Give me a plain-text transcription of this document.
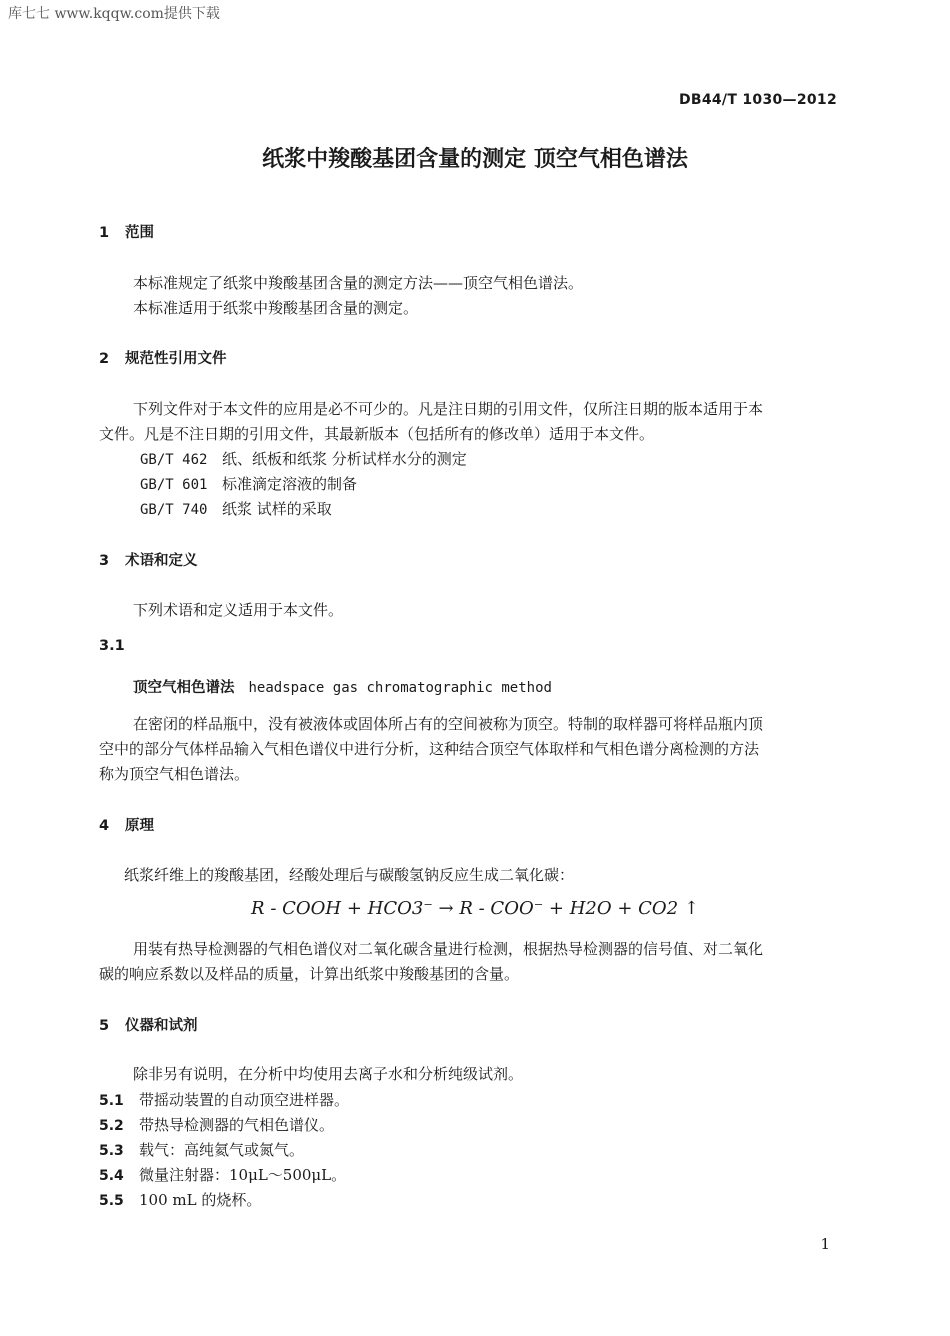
库七七 www.kqqw.com提供下载
DB44/T 1030—2012
纸浆中羧酸基团含量的测定 顶空气相色谱法
1 范围
本标准规定了纸浆中羧酸基团含量的测定方法——顶空气相色谱法。
本标准适用于纸浆中羧酸基团含量的测定。
2 规范性引用文件
下列文件对于本文件的应用是必不可少的。凡是注日期的引用文件，仅所注日期的版本适用于本
文件。凡是不注日期的引用文件，其最新版本（包括所有的修改单）适用于本文件。
GB/T 462 纸、纸板和纸浆 分析试样水分的测定
GB/T 601 标准滴定溶液的制备
GB/T 740 纸浆 试样的采取
3 术语和定义
下列术语和定义适用于本文件。
3.1
顶空气相色谱法 headspace gas chromatographic method
在密闭的样品瓶中，没有被液体或固体所占有的空间被称为顶空。特制的取样器可将样品瓶内顶
空中的部分气体样品输入气相色谱仪中进行分析，这种结合顶空气体取样和气相色谱分离检测的方法
称为顶空气相色谱法。
4 原理
纸浆纤维上的羧酸基团，经酸处理后与碳酸氢钠反应生成二氧化碳：
R - COOH + HCO3⁻ → R - COO⁻ + H2O + CO2 ↑
用装有热导检测器的气相色谱仪对二氧化碳含量进行检测，根据热导检测器的信号值、对二氧化
碳的响应系数以及样品的质量，计算出纸浆中羧酸基团的含量。
5 仪器和试剂
除非另有说明，在分析中均使用去离子水和分析纯级试剂。
5.1 带摇动装置的自动顶空进样器。
5.2 带热导检测器的气相色谱仪。
5.3 载气：高纯氦气或氮气。
5.4 微量注射器：10μL～500μL。
5.5 100 mL 的烧杯。
1
